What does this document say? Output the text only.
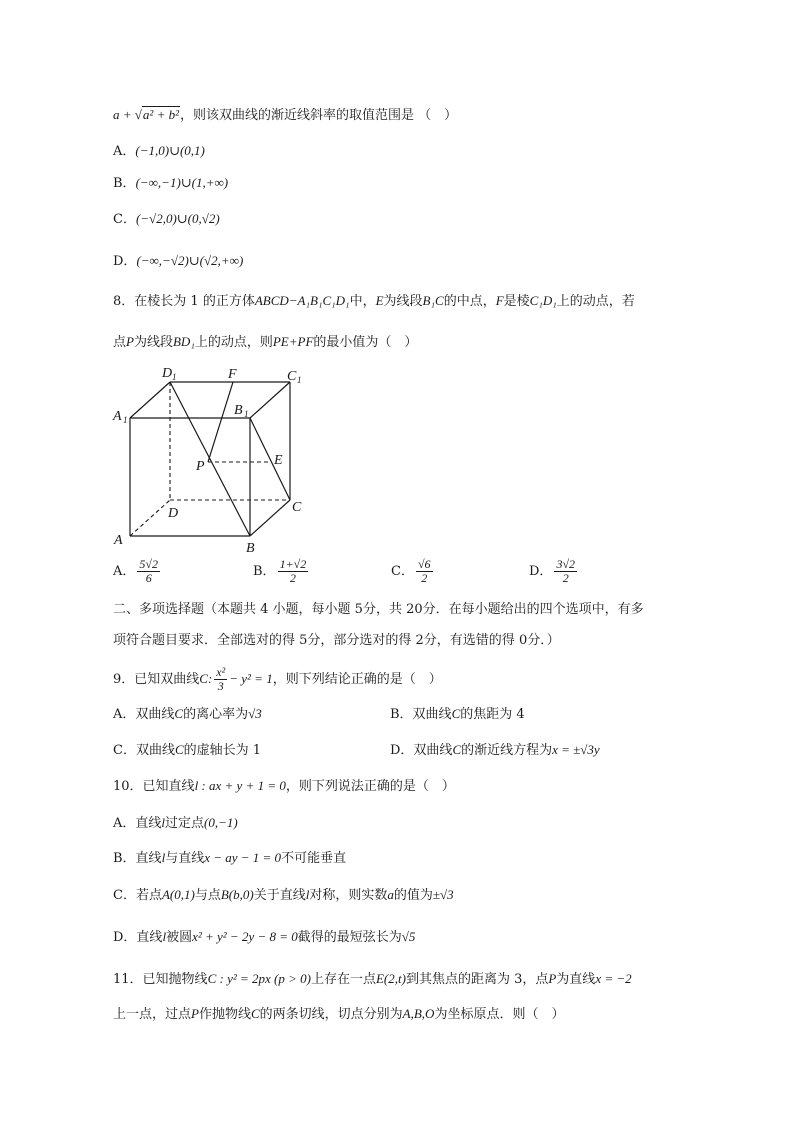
a + √a² + b²，则该双曲线的渐近线斜率的取值范围是 （　）
A．(−1,0)∪(0,1)
B．(−∞,−1)∪(1,+∞)
C．(−√2,0)∪(0,√2)
D．(−∞,−√2)∪(√2,+∞)
8．在棱长为 1 的正方体ABCD−A₁B₁C₁D₁中，E为线段B₁C的中点，F是棱C₁D₁上的动点，若
点P为线段BD₁上的动点，则PE+PF的最小值为（　）
A
B
C
D
A 1
B 1
C 1
D 1
P	E
F
A． $\frac{5√2}{6}$	B． $\frac{1+√2}{2}$	C． $\frac{√6}{2}$	D． $\frac{3√2}{2}$
二、多项选择题（本题共 4 小题，每小题 5分，共 20分．在每小题给出的四个选项中，有多
项符合题目要求．全部选对的得 5分，部分选对的得 2分，有选错的得 0分．）
9．已知双曲线C: $\frac{\text{x²}}{3} - y^2 = 1$，则下列结论正确的是（　）
A．双曲线C的离心率为√3	B．双曲线C的焦距为 4
C．双曲线C的虚轴长为 1	D．双曲线C的渐近线方程为x = ±√3y
10．已知直线l : ax + y + 1 = 0，则下列说法正确的是（　）
A．直线l过定点(0,−1)
B．直线l与直线x − ay − 1 = 0不可能垂直
C．若点A(0,1)与点B(b,0)关于直线l对称，则实数a的值为±√3
D．直线l被圆x² + y² − 2y − 8 = 0截得的最短弦长为√5
11．已知抛物线C : y² = 2px (p > 0)上存在一点E(2,t)到其焦点的距离为 3，点P为直线x = −2
上一点，过点P作抛物线C的两条切线，切点分别为A,B,O为坐标原点．则（　）
